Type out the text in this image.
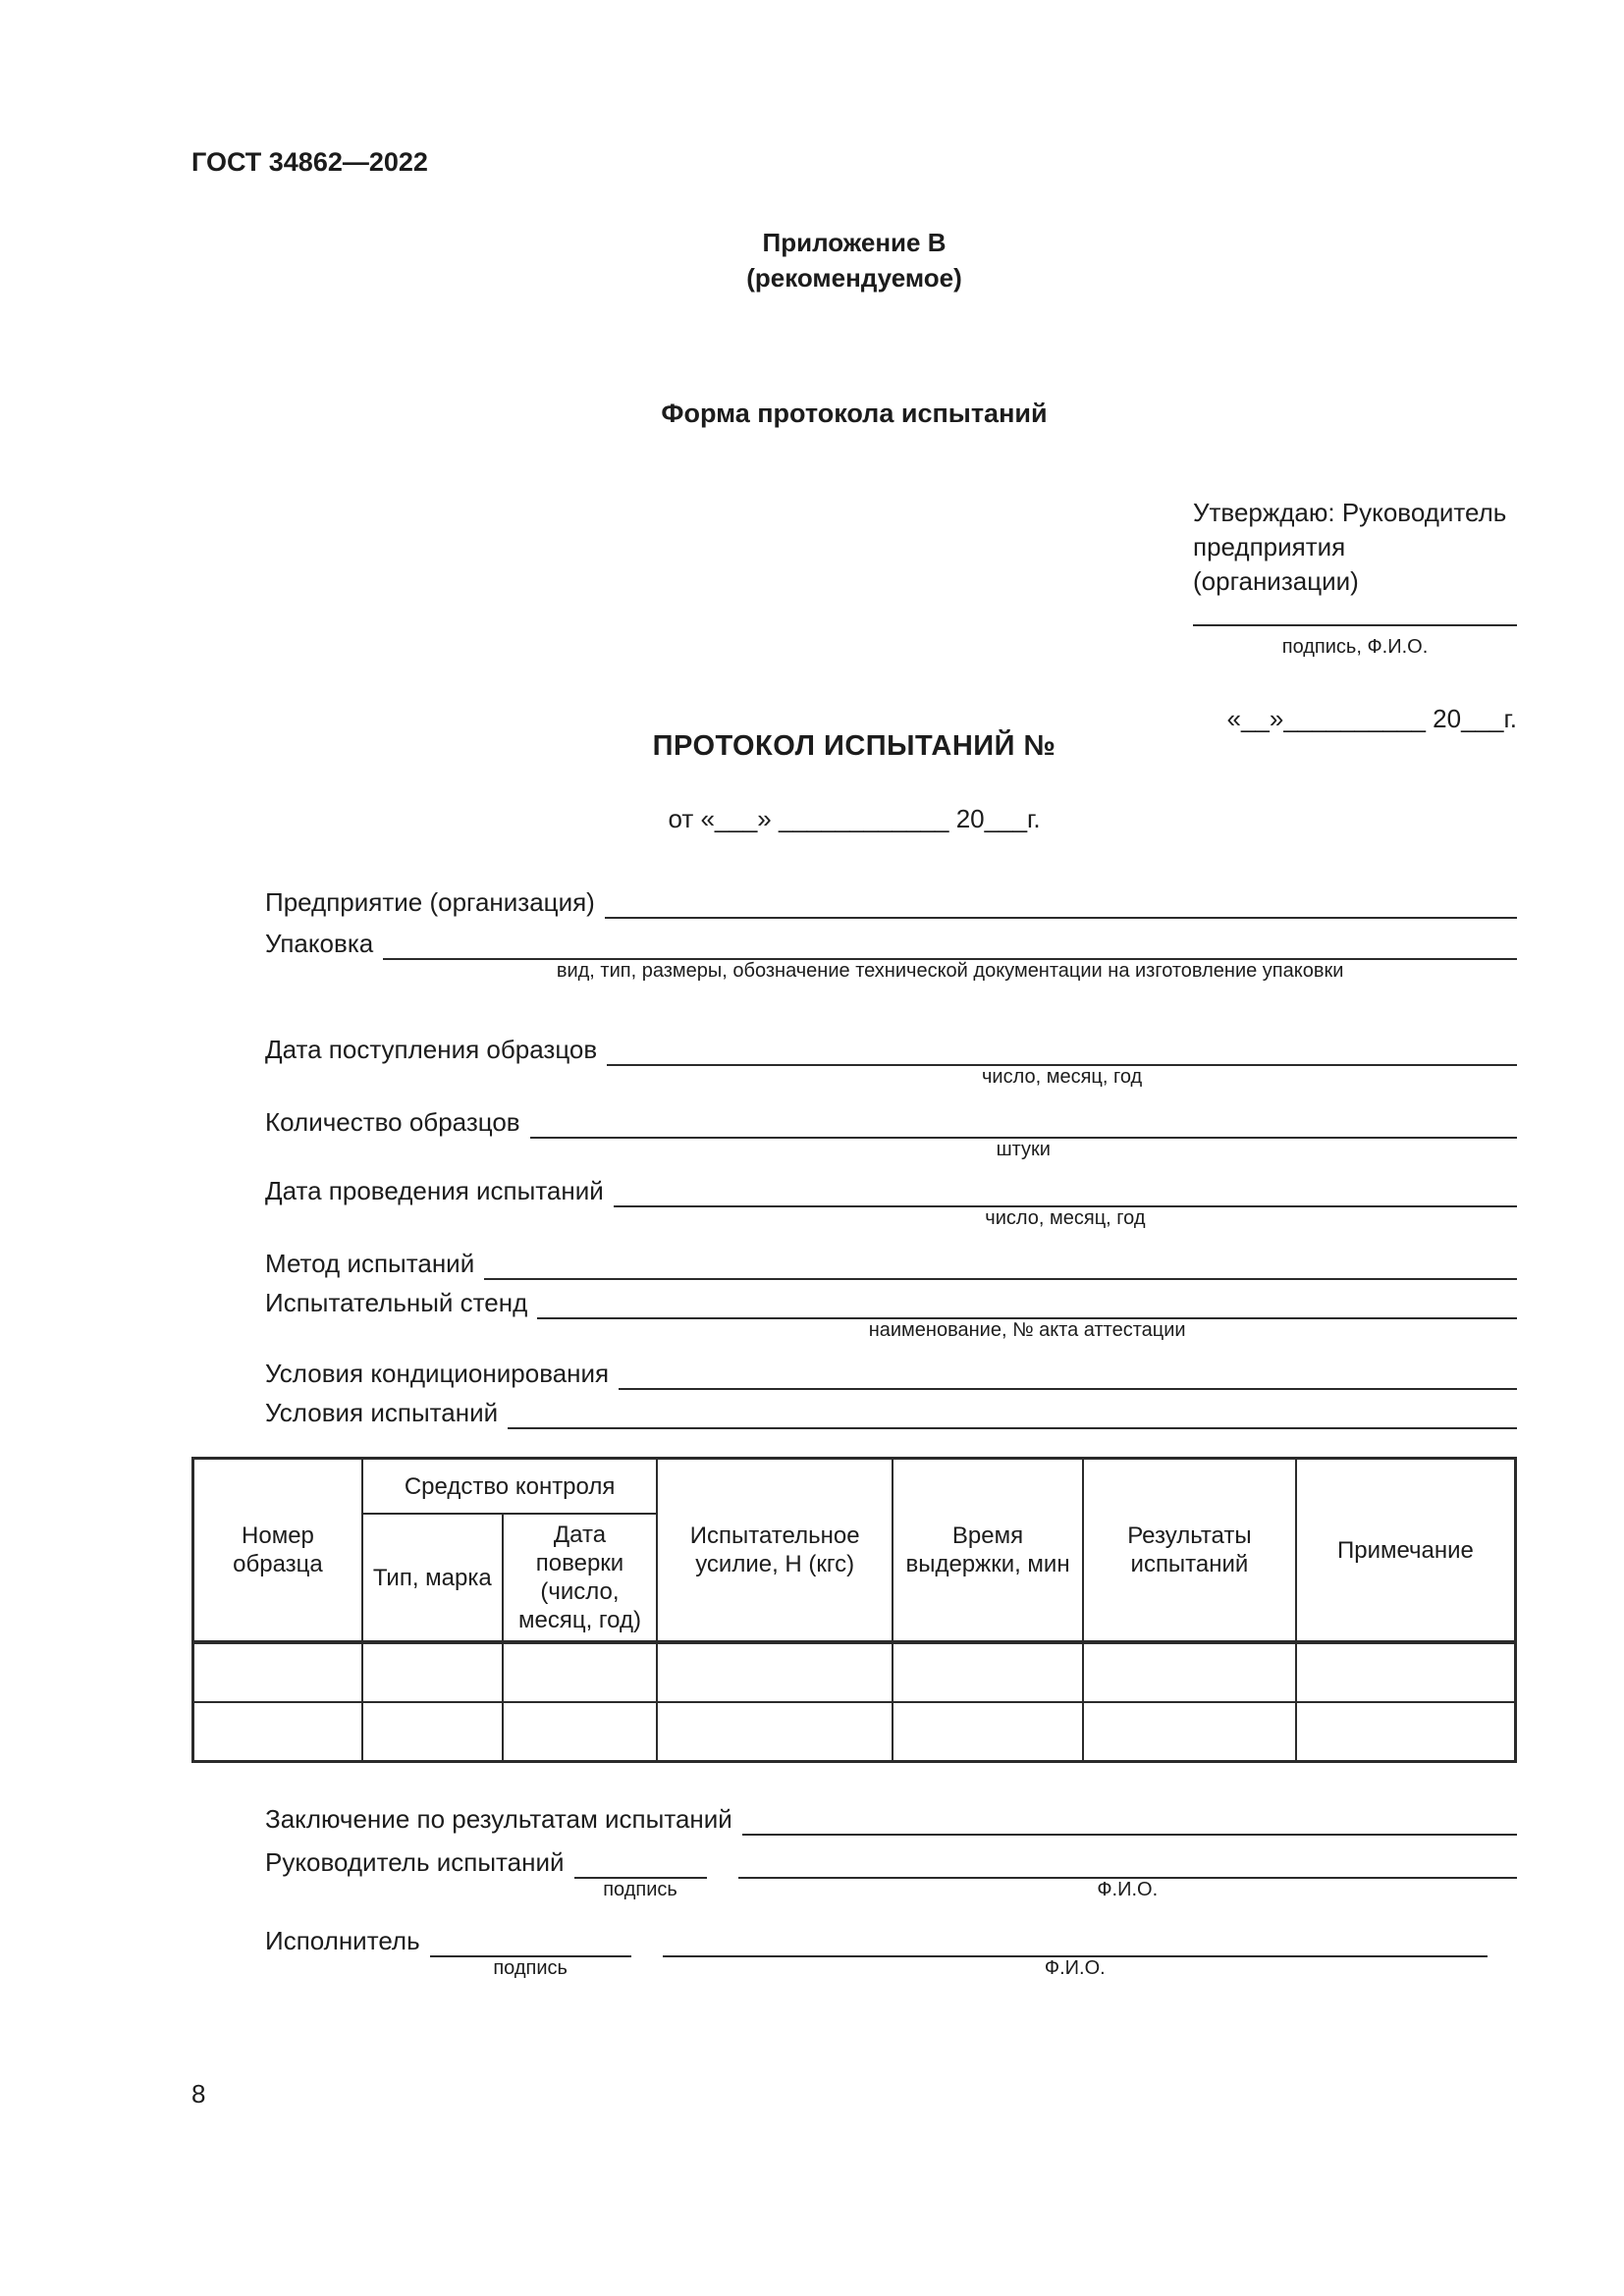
ГОСТ 34862—2022
Приложение В
(рекомендуемое)
Форма протокола испытаний
Утверждаю: Руководитель
предприятия (организации)
подпись, Ф.И.О.
«__»__________ 20___г.
ПРОТОКОЛ ИСПЫТАНИЙ №
от «___» ____________ 20___г.
Предприятие (организация)
Упаковка
вид, тип, размеры, обозначение технической документации на изготовление упаковки
Дата поступления образцов
число, месяц, год
Количество образцов
штуки
Дата проведения испытаний
число, месяц, год
Метод испытаний
Испытательный стенд
наименование, № акта аттестации
Условия кондиционирования
Условия испытаний
Номер образца	Средство контроля		Испытательное усилие, Н (кгс)	Время выдержки, мин	Результаты испытаний	Примечание
	Тип, марка	Дата поверки (число, месяц, год)				

Заключение по результатам испытаний
Руководитель испытаний
подпись	Ф.И.О.
Исполнитель
подпись	Ф.И.О.
8
